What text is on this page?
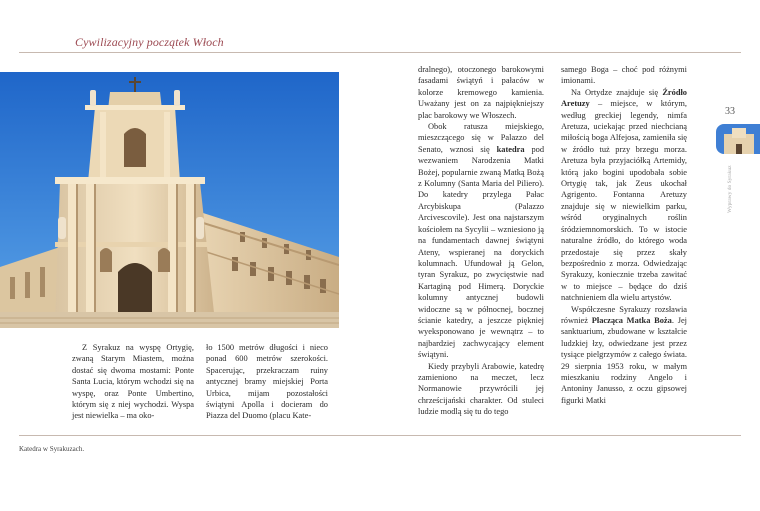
Cywilizacyjny początek Włoch

Z Syrakuz na wyspę Ortygię, zwaną Starym Miastem, można dostać się dwoma mostami: Ponte Santa Lucia, którym wchodzi się na wyspę, oraz Ponte Umbertino, którym się z niej wychodzi. Wyspa jest niewielka – ma oko-

ło 1500 metrów długości i nieco ponad 600 metrów szerokości. Spacerując, przekraczam ruiny antycznej bramy miejskiej Porta Urbica, mijam pozostałości świątyni Apolla i docieram do Piazza del Duomo (placu Kate-

dralnego), otoczonego barokowymi fasadami świątyń i pałaców w kolorze kremowego kamienia. Uważany jest on za najpiękniejszy plac barokowy we Włoszech.

Obok ratusza miejskiego, mieszczącego się w Palazzo del Senato, wznosi się katedra pod wezwaniem Narodzenia Matki Bożej, popularnie zwaną Matką Bożą z Kolumny (Santa Maria del Piliero). Do katedry przylega Pałac Arcybiskupa (Palazzo Arcivescovile). Jest ona najstarszym kościołem na Sycylii – wzniesiono ją na fundamentach dawnej świątyni Ateny, wspieranej na doryckich kolumnach. Ufundował ją Gelon, tyran Syrakuz, po zwycięstwie nad Kartaginą pod Himerą. Doryckie kolumny antycznej budowli widoczne są w północnej, bocznej ścianie katedry, a jeszcze piękniej wyeksponowano je wewnątrz – to najbardziej zachwycający element świątyni.

Kiedy przybyli Arabowie, katedrę zamieniono na meczet, lecz Normanowie przywrócili jej chrześcijański charakter. Od stuleci ludzie modlą się tu do tego

samego Boga – choć pod różnymi imionami.

Na Ortydze znajduje się Źródło Aretuzy – miejsce, w którym, według greckiej legendy, nimfa Aretuza, uciekając przed niechcianą miłością boga Alfejosa, zamieniła się w źródło tuż przy brzegu morza. Aretuza była przyjaciółką Artemidy, którą jako bogini upodobała sobie Ortygię tak, jak Zeus ukochał Agrigento. Fontanna Aretuzy znajduje się w niewielkim parku, wśród oryginalnych roślin śródziemnomorskich. To w istocie naturalne źródło, do którego woda przedostaje się przez skały bezpośrednio z morza. Odwiedzając Syrakuzy, koniecznie trzeba zawitać w to miejsce – będące do dziś natchnieniem dla wielu artystów.

Współczesne Syrakuzy rozsławia również Płacząca Matka Boża. Jej sanktuarium, zbudowane w kształcie ludzkiej łzy, odwiedzane jest przez tysiące pielgrzymów z całego świata. 29 sierpnia 1953 roku, w małym mieszkaniu rodziny Angelo i Antoniny Janusso, z oczu gipsowej figurki Matki

33
Wyprawy do Syrakuz
Katedra w Syrakuzach.
